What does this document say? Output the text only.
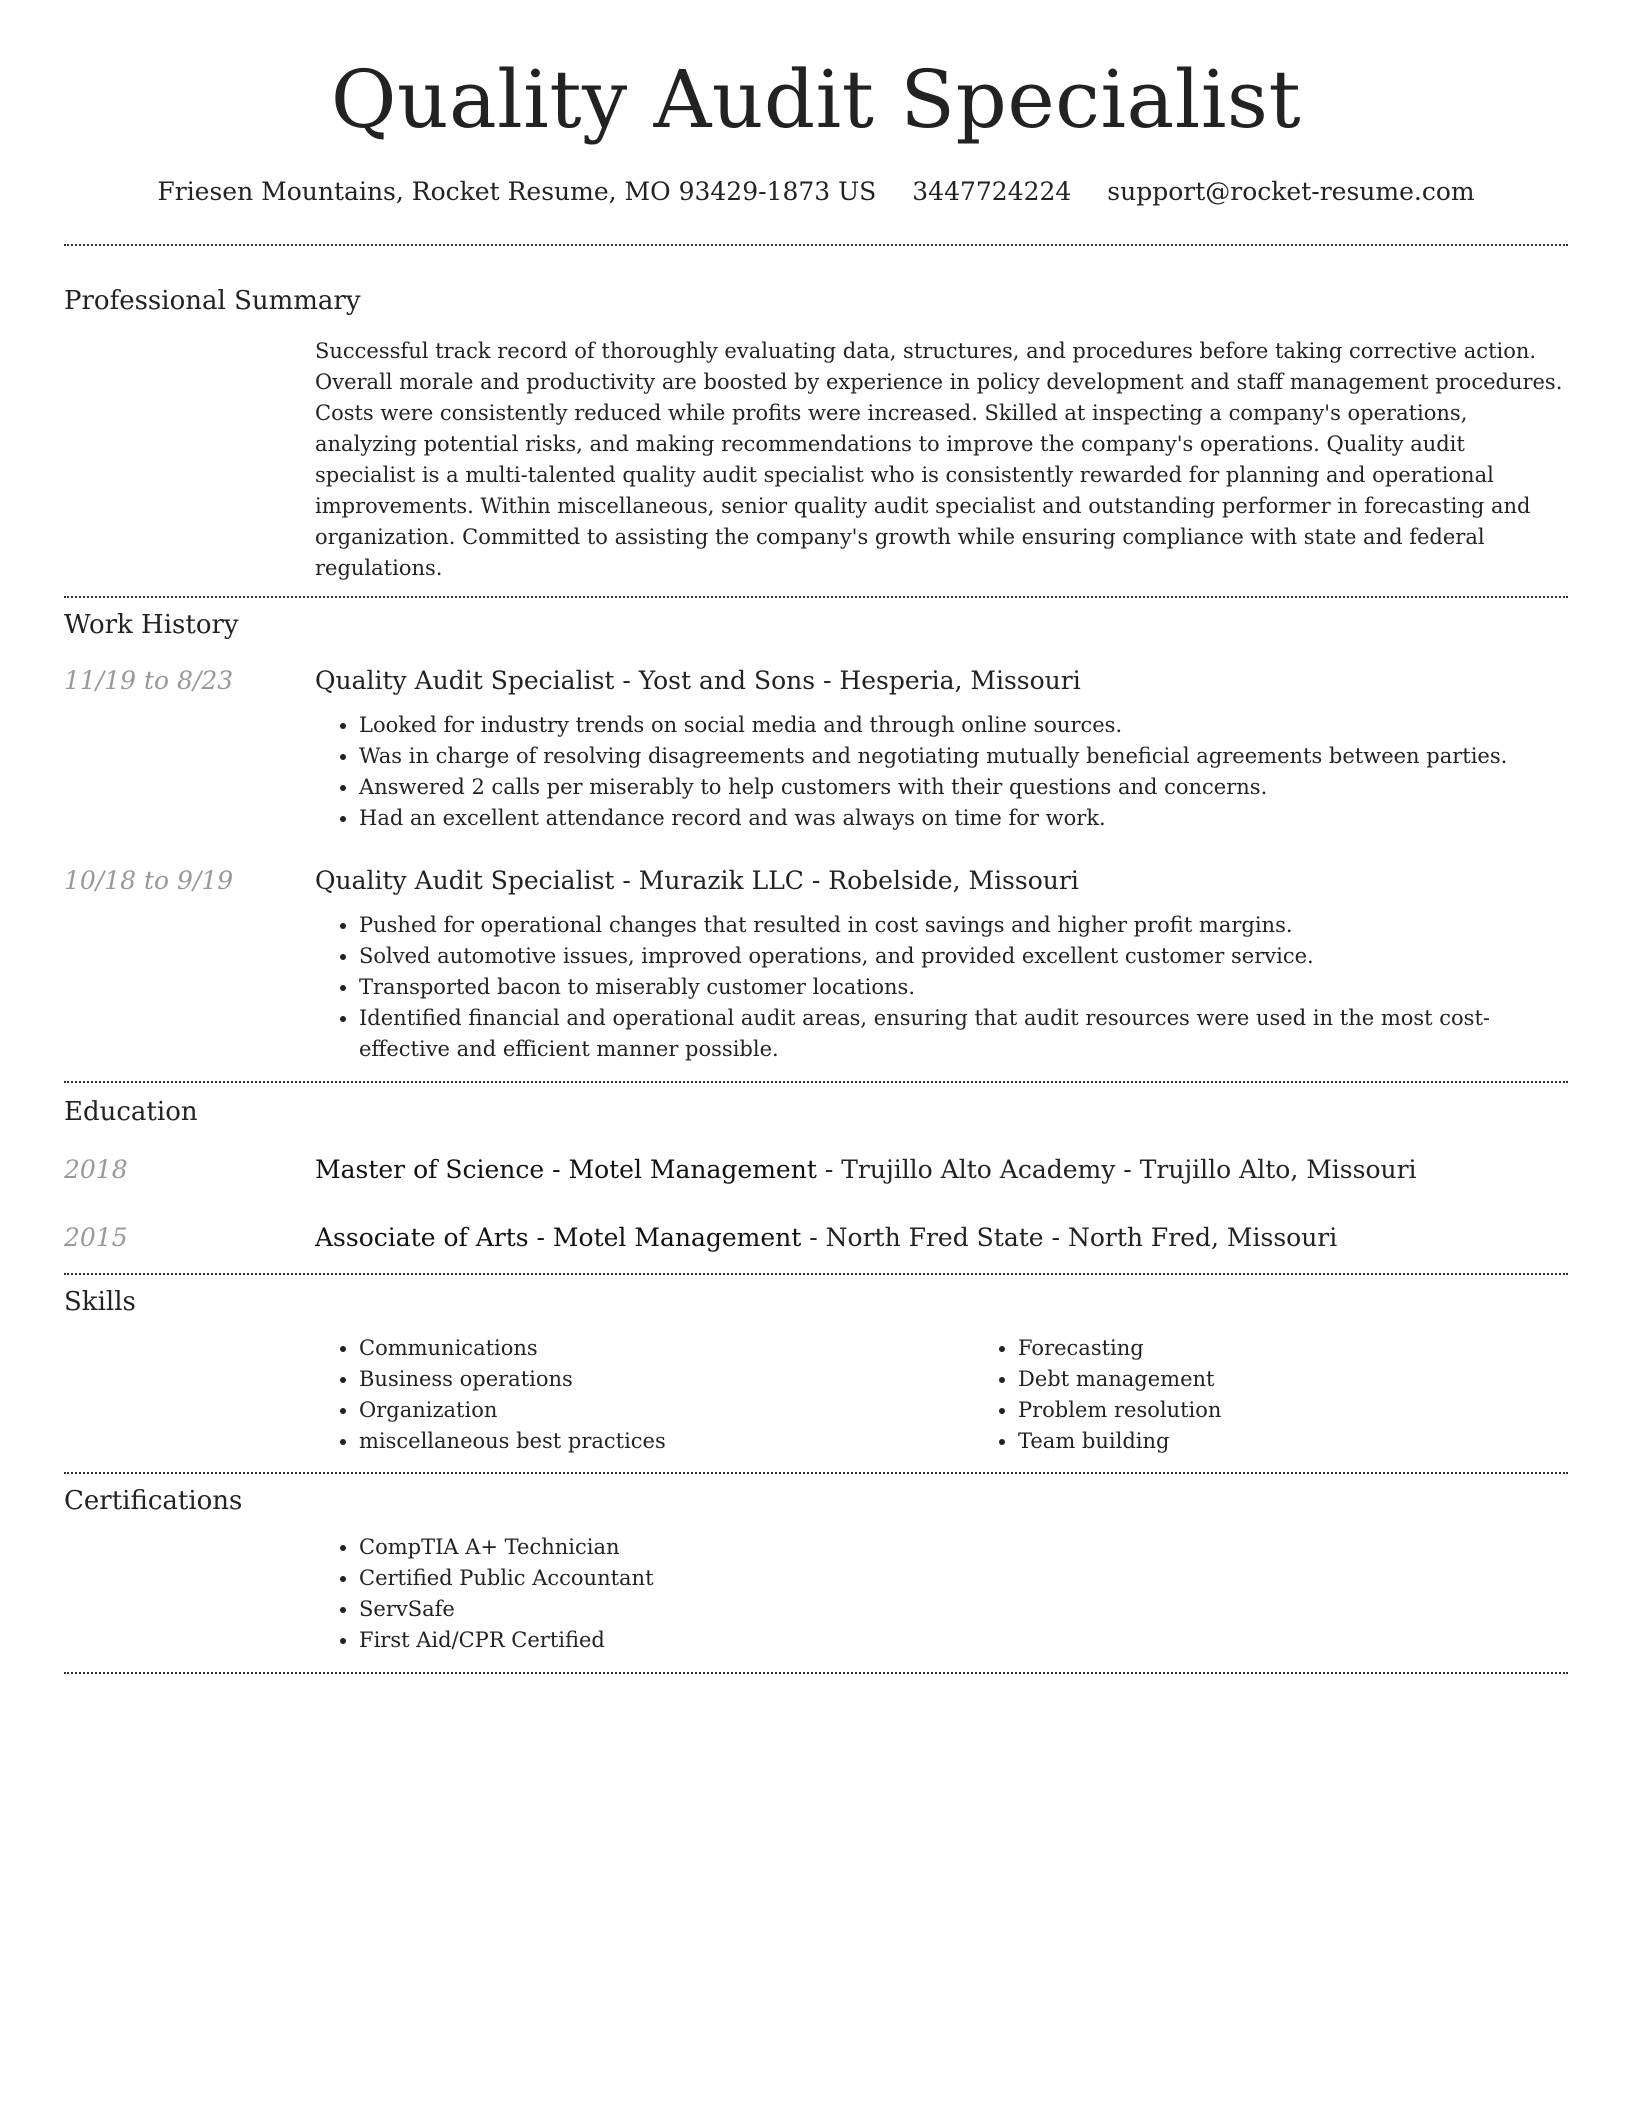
Quality Audit Specialist
Friesen Mountains, Rocket Resume, MO 93429-1873 US 3447724224 support@rocket-resume.com
Professional Summary

Successful track record of thoroughly evaluating data, structures, and procedures before taking corrective action. Overall morale and productivity are boosted by experience in policy development and staff management procedures. Costs were consistently reduced while profits were increased. Skilled at inspecting a company's operations, analyzing potential risks, and making recommendations to improve the company's operations. Quality audit specialist is a multi-talented quality audit specialist who is consistently rewarded for planning and operational improvements. Within miscellaneous, senior quality audit specialist and outstanding performer in forecasting and organization. Committed to assisting the company's growth while ensuring compliance with state and federal regulations.

Work History
11/19 to 8/23	Quality Audit Specialist - Yost and Sons - Hesperia, Missouri
• Looked for industry trends on social media and through online sources.
• Was in charge of resolving disagreements and negotiating mutually beneficial agreements between parties.
• Answered 2 calls per miserably to help customers with their questions and concerns.
• Had an excellent attendance record and was always on time for work.
10/18 to 9/19	Quality Audit Specialist - Murazik LLC - Robelside, Missouri
• Pushed for operational changes that resulted in cost savings and higher profit margins.
• Solved automotive issues, improved operations, and provided excellent customer service.
• Transported bacon to miserably customer locations.
• Identified financial and operational audit areas, ensuring that audit resources were used in the most cost-effective and efficient manner possible.
Education
2018	Master of Science - Motel Management - Trujillo Alto Academy - Trujillo Alto, Missouri
2015	Associate of Arts - Motel Management - North Fred State - North Fred, Missouri
Skills
• Communications
• Business operations
• Organization
• miscellaneous best practices
• Forecasting
• Debt management
• Problem resolution
• Team building
Certifications
• CompTIA A+ Technician
• Certified Public Accountant
• ServSafe
• First Aid/CPR Certified
